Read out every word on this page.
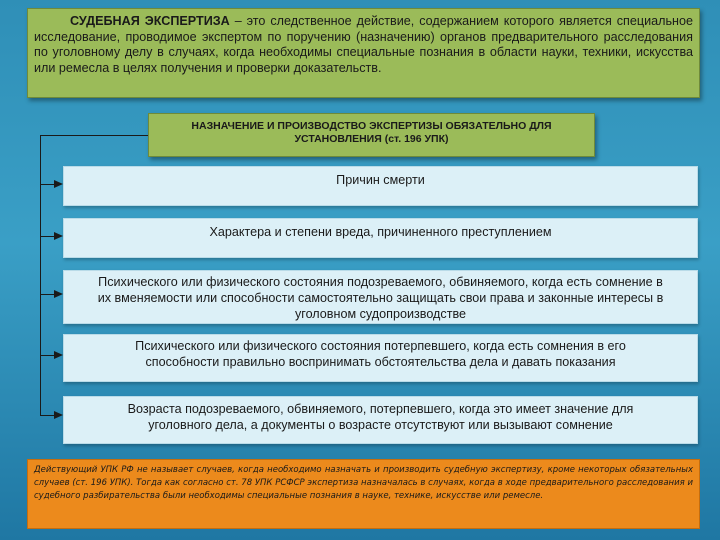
СУДЕБНАЯ ЭКСПЕРТИЗА – это следственное действие, содержанием которого является специальное исследование, проводимое экспертом по поручению (назначению) органов предварительного расследования по уголовному делу в случаях, когда необходимы специальные познания в области науки, техники, искусства или ремесла в целях получения и проверки доказательств.
НАЗНАЧЕНИЕ И ПРОИЗВОДСТВО ЭКСПЕРТИЗЫ ОБЯЗАТЕЛЬНО ДЛЯ УСТАНОВЛЕНИЯ (ст. 196 УПК)
Причин смерти
Характера и степени вреда, причиненного преступлением
Психического или физического состояния подозреваемого, обвиняемого, когда есть сомнение в их вменяемости или способности самостоятельно защищать свои права и законные интересы в уголовном судопроизводстве
Психического или физического состояния потерпевшего, когда есть сомнения в его способности правильно воспринимать обстоятельства дела и давать показания
Возраста подозреваемого, обвиняемого, потерпевшего, когда это имеет значение для уголовного дела, а документы о возрасте отсутствуют или вызывают сомнение
Действующий УПК РФ не называет случаев, когда необходимо назначать и производить судебную экспертизу, кроме некоторых обязательных случаев (ст. 196 УПК). Тогда как согласно ст. 78 УПК РСФСР экспертиза назначалась в случаях, когда в ходе предварительного расследования и судебного разбирательства были необходимы специальные познания в науке, технике, искусстве или ремесле.
